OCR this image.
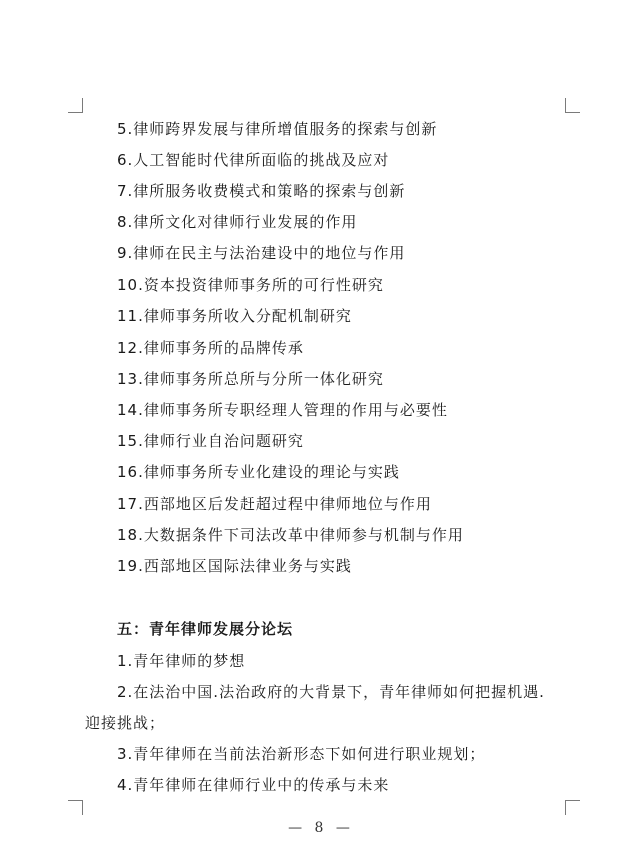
5.律师跨界发展与律所增值服务的探索与创新
6.人工智能时代律所面临的挑战及应对
7.律所服务收费模式和策略的探索与创新
8.律所文化对律师行业发展的作用
9.律师在民主与法治建设中的地位与作用
10.资本投资律师事务所的可行性研究
11.律师事务所收入分配机制研究
12.律师事务所的品牌传承
13.律师事务所总所与分所一体化研究
14.律师事务所专职经理人管理的作用与必要性
15.律师行业自治问题研究
16.律师事务所专业化建设的理论与实践
17.西部地区后发赶超过程中律师地位与作用
18.大数据条件下司法改革中律师参与机制与作用
19.西部地区国际法律业务与实践
五：青年律师发展分论坛
1.青年律师的梦想
2.在法治中国.法治政府的大背景下，青年律师如何把握机遇.
迎接挑战；
3.青年律师在当前法治新形态下如何进行职业规划；
4.青年律师在律师行业中的传承与未来
— 8 —
